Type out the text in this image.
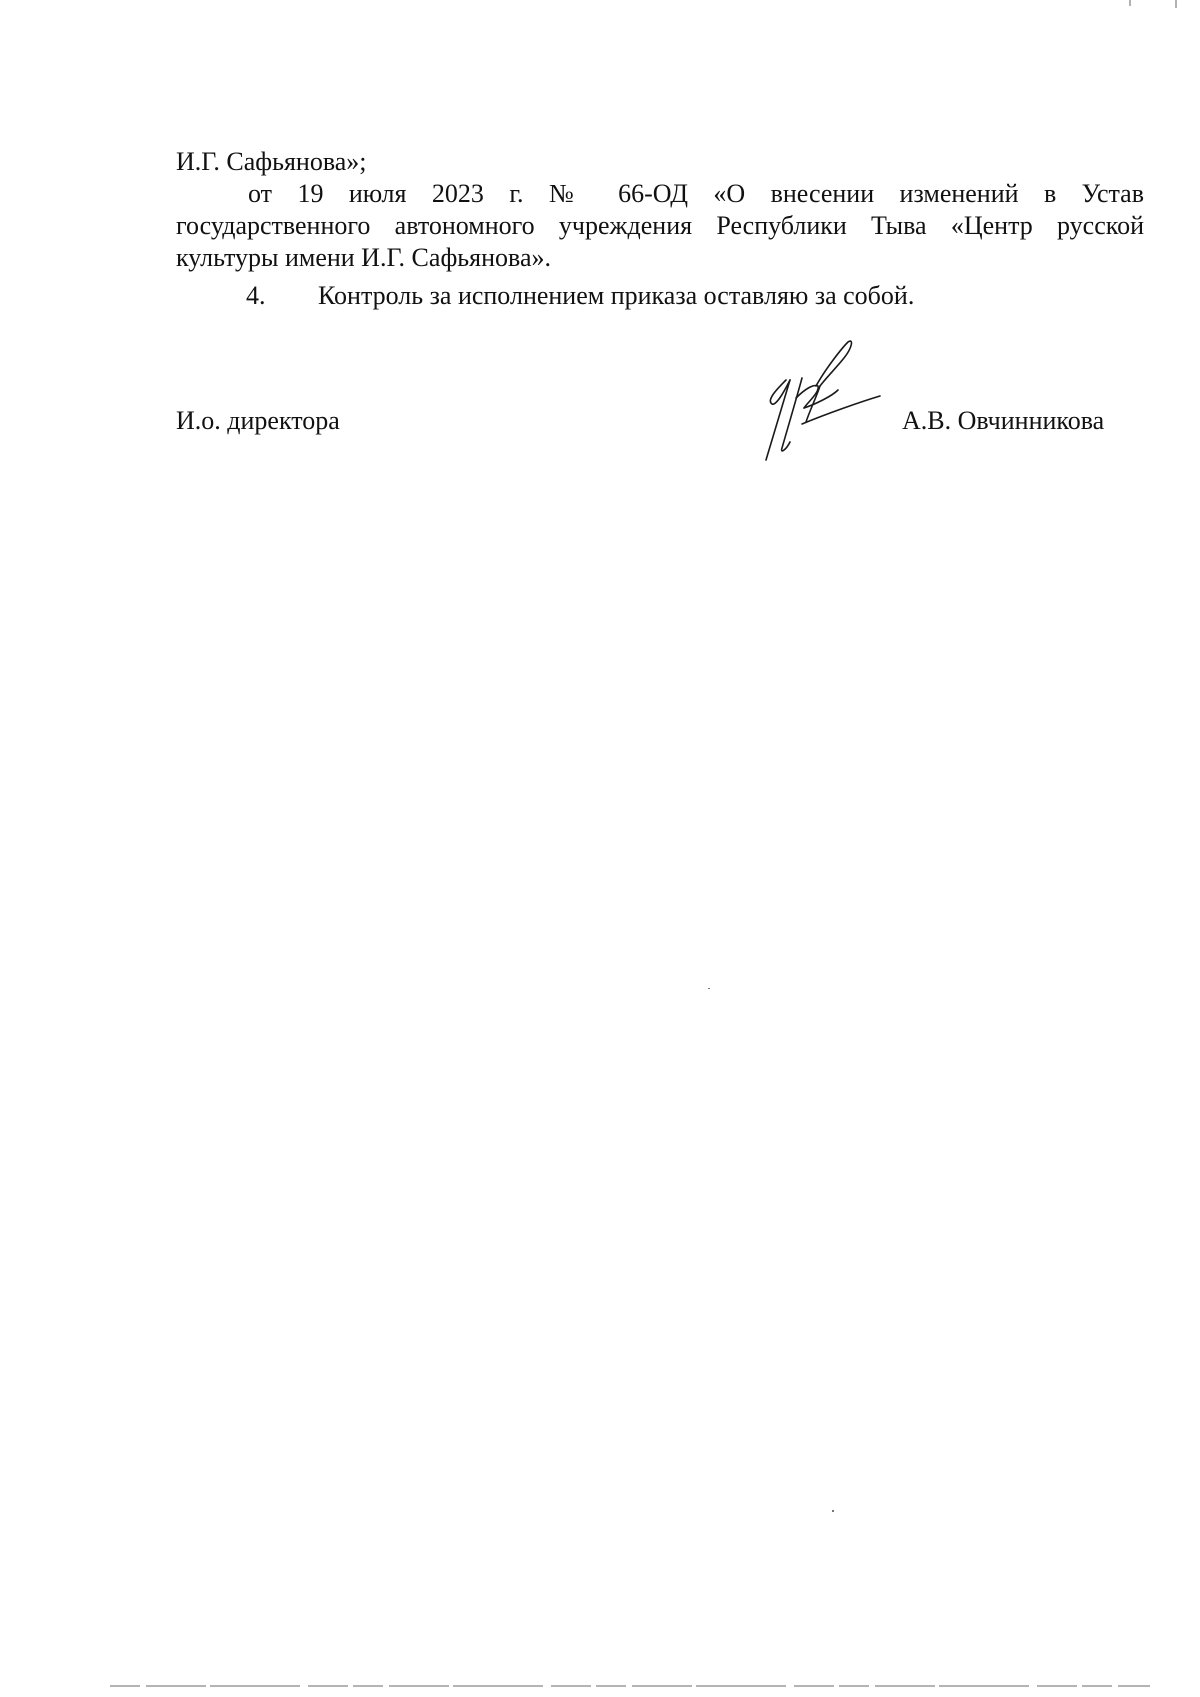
И.Г. Сафьянова»;
от 19 июля 2023 г. № 66-ОД «О внесении изменений в Устав
государственного автономного учреждения Республики Тыва «Центр русской
культуры имени И.Г. Сафьянова».
4. Контроль за исполнением приказа оставляю за собой.
И.о. директора	А.В. Овчинникова
